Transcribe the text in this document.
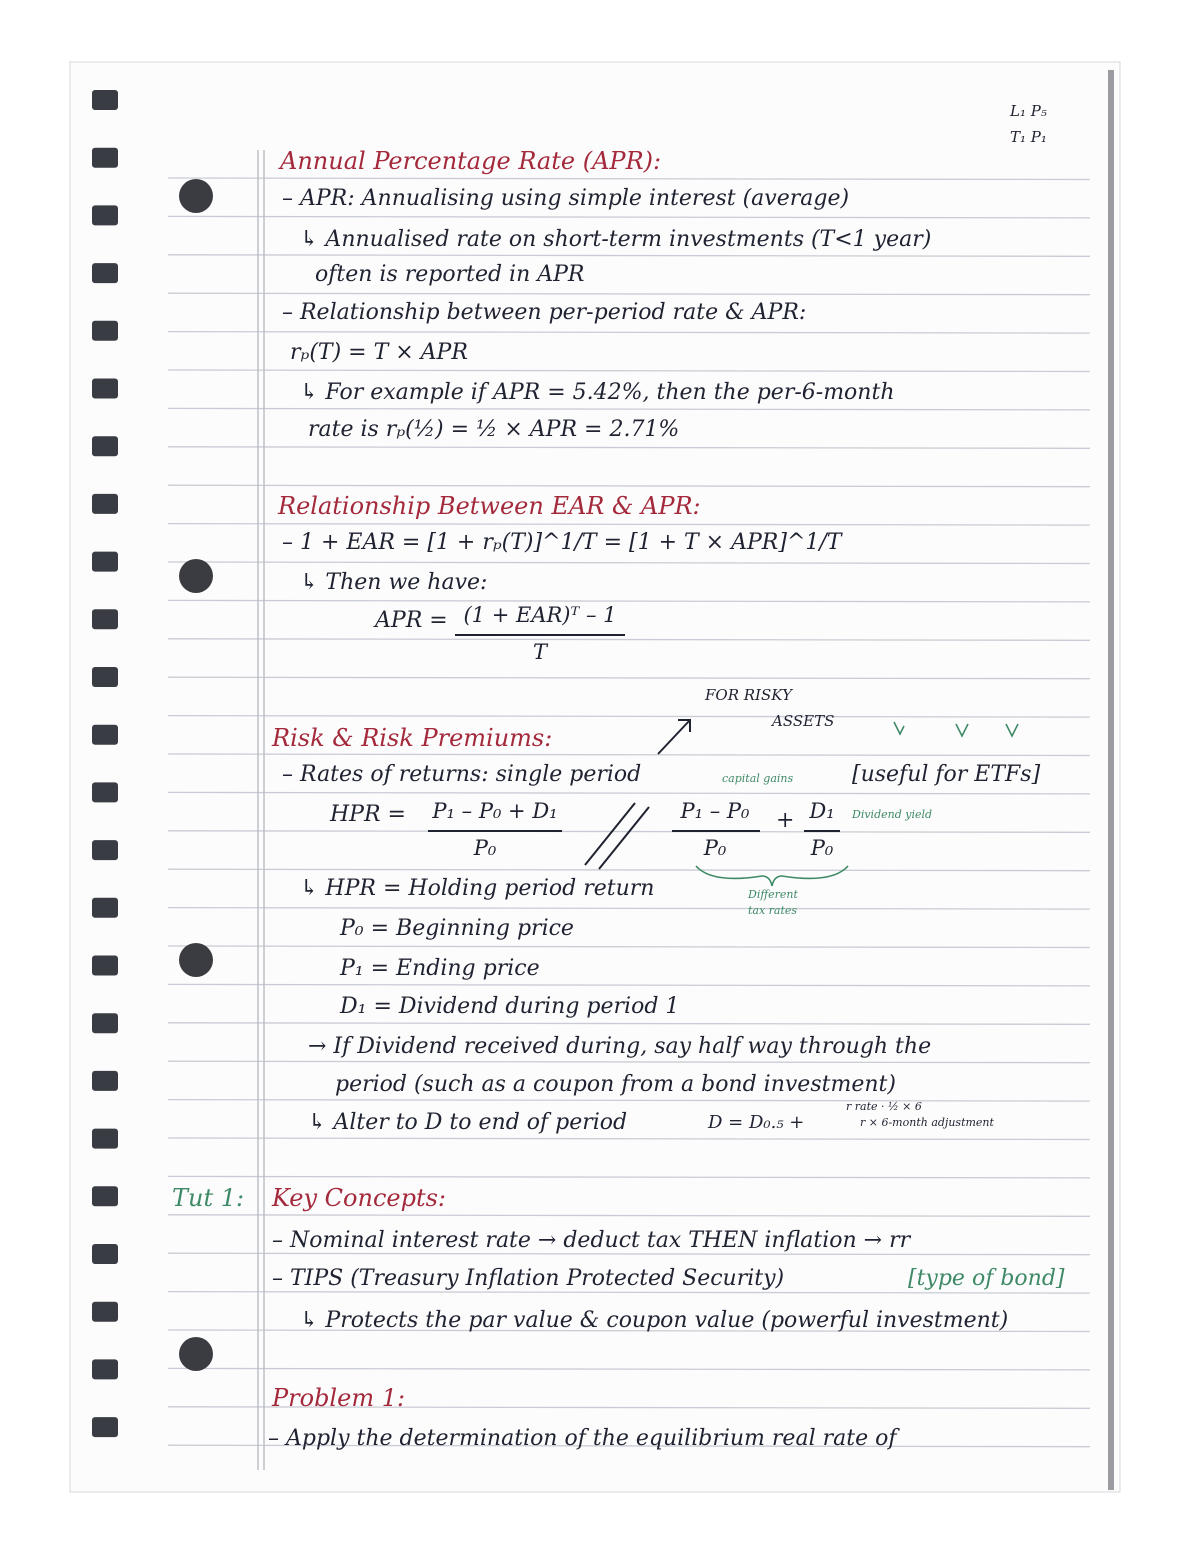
L₁ P₅
T₁ P₁
Annual Percentage Rate (APR):
– APR: Annualising using simple interest (average)
↳ Annualised rate on short-term investments (T<1 year)
often is reported in APR
– Relationship between per-period rate & APR:
rₚ(T) = T × APR
↳ For example if APR = 5.42%, then the per-6-month
rate is rₚ(½) = ½ × APR = 2.71%
Relationship Between EAR & APR:
– 1 + EAR = [1 + rₚ(T)]^1/T = [1 + T × APR]^1/T
↳ Then we have:
APR = (1 + EAR)ᵀ – 1
T
FOR RISKY
ASSETS
Risk & Risk Premiums:
– Rates of returns: single period	capital gains	[useful for ETFs]
HPR =	P₁ – P₀ + D₁
P₀
P₁ – P₀
P₀
+ D₁
P₀
Dividend yield
Different
tax rates
↳ HPR = Holding period return
P₀ = Beginning price
P₁ = Ending price
D₁ = Dividend during period 1
→ If Dividend received during, say half way through the
period (such as a coupon from a bond investment)
↳ Alter to D to end of period	D = D₀.₅ +
r rate · ½ × 6
r × 6-month adjustment
Tut 1: Key Concepts:
– Nominal interest rate → deduct tax THEN inflation → rr
– TIPS (Treasury Inflation Protected Security)	[type of bond]
↳ Protects the par value & coupon value (powerful investment)
Problem 1:
– Apply the determination of the equilibrium real rate of
